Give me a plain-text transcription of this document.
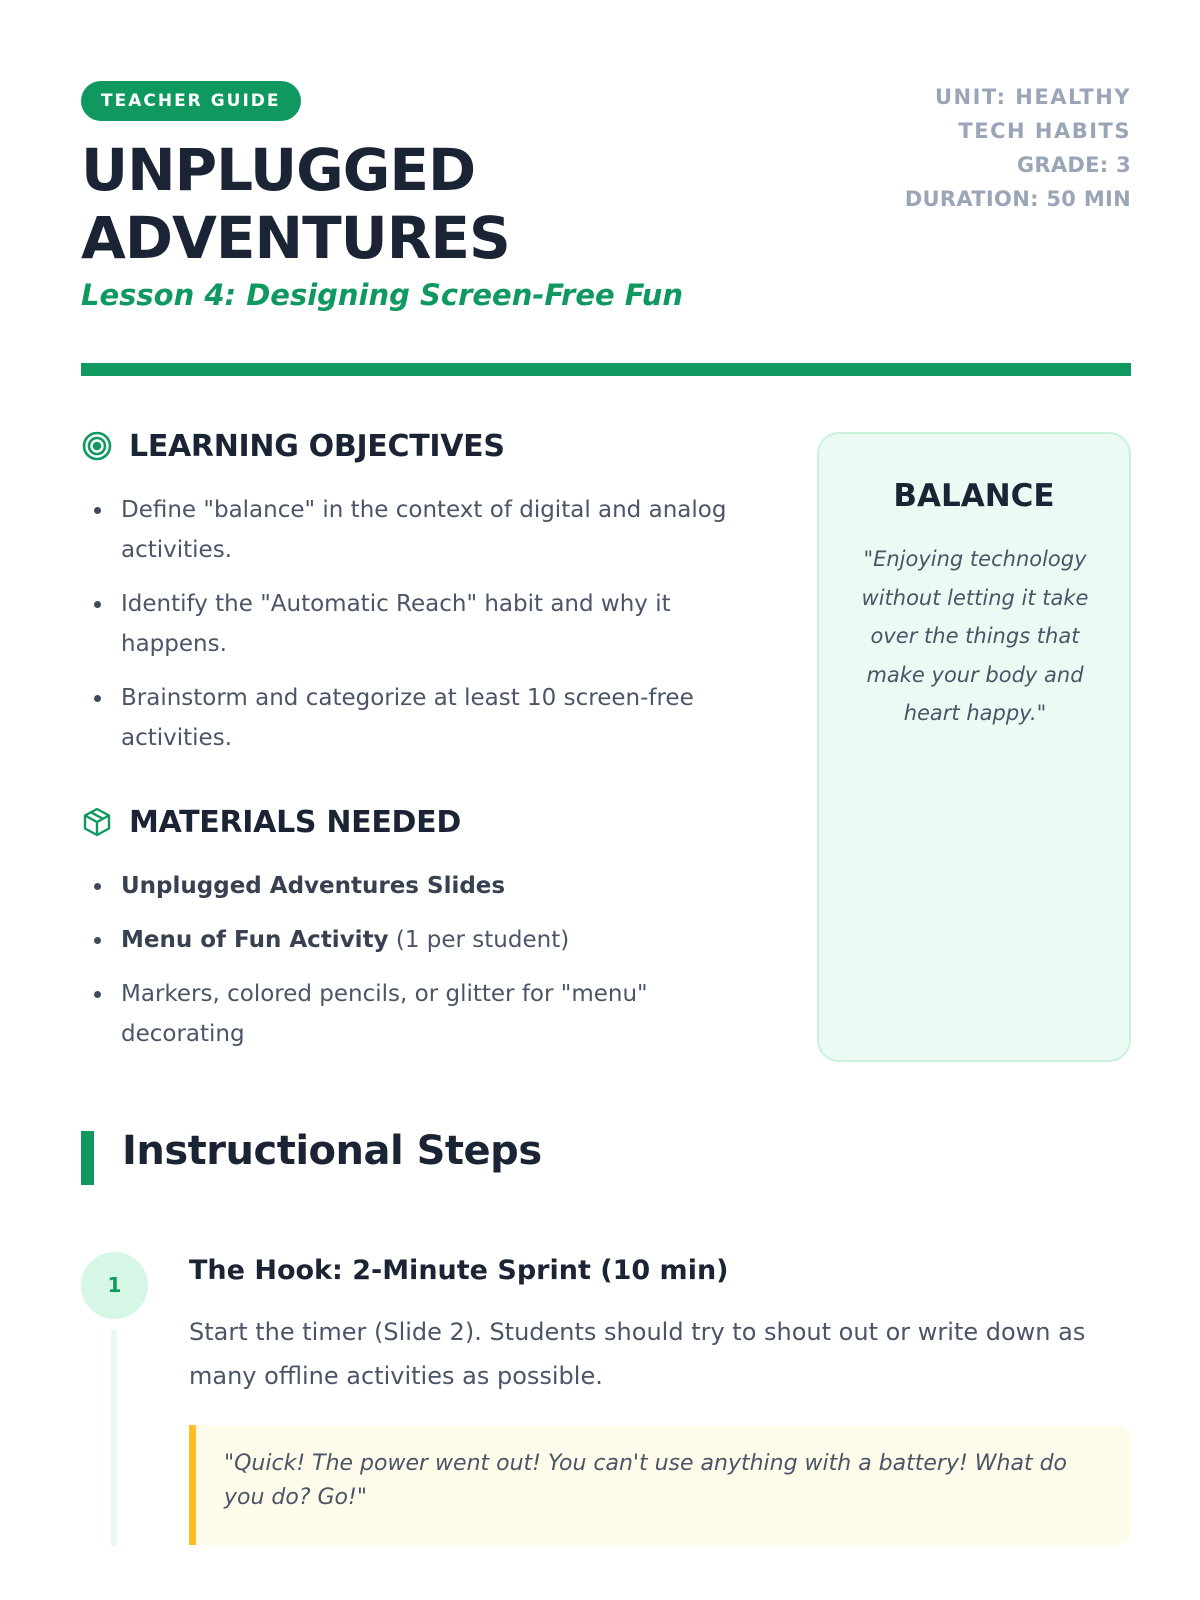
TEACHER GUIDE
UNPLUGGED ADVENTURES
Lesson 4: Designing Screen-Free Fun
UNIT: HEALTHY TECH HABITS
GRADE: 3
DURATION: 50 MIN
LEARNING OBJECTIVES
Define "balance" in the context of digital and analog activities.
Identify the "Automatic Reach" habit and why it happens.
Brainstorm and categorize at least 10 screen-free activities.
MATERIALS NEEDED
Unplugged Adventures Slides
Menu of Fun Activity (1 per student)
Markers, colored pencils, or glitter for "menu" decorating
BALANCE

"Enjoying technology without letting it take over the things that make your body and heart happy."

Instructional Steps
1	The Hook: 2-Minute Sprint (10 min)
Start the timer (Slide 2). Students should try to shout out or write down as many offline activities as possible.
"Quick! The power went out! You can't use anything with a battery! What do you do? Go!"
